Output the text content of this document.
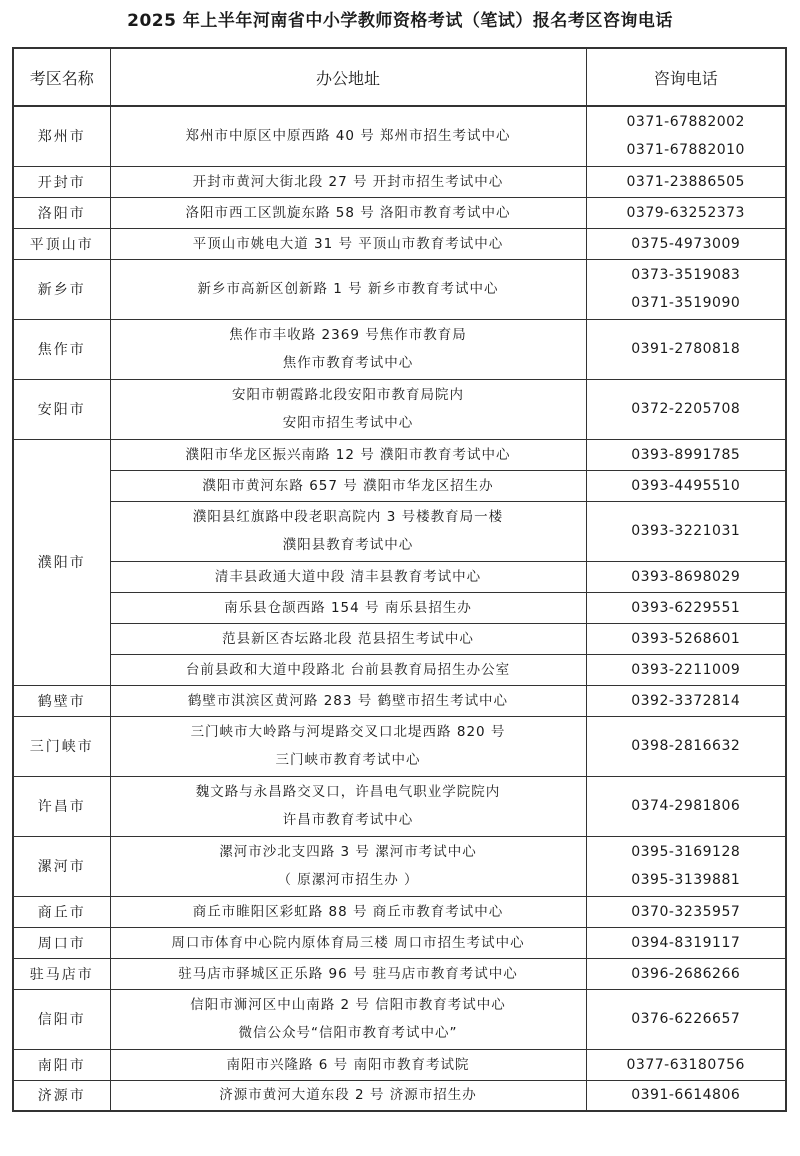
2025 年上半年河南省中小学教师资格考试（笔试）报名考区咨询电话
考区名称	办公地址	咨询电话
郑州市	郑州市中原区中原西路 40 号 郑州市招生考试中心	0371-67882002
0371-67882010

开封市	开封市黄河大街北段 27 号 开封市招生考试中心	0371-23886505

洛阳市	洛阳市西工区凯旋东路 58 号 洛阳市教育考试中心	0379-63252373

平顶山市	平顶山市姚电大道 31 号 平顶山市教育考试中心	0375-4973009

新乡市	新乡市高新区创新路 1 号 新乡市教育考试中心	0373-3519083
0371-3519090

焦作市	焦作市丰收路 2369 号焦作市教育局
焦作市教育考试中心	0391-2780818

安阳市	安阳市朝霞路北段安阳市教育局院内
安阳市招生考试中心	0372-2205708

濮阳市	濮阳市华龙区振兴南路 12 号 濮阳市教育考试中心	0393-8991785

	濮阳市黄河东路 657 号 濮阳市华龙区招生办	0393-4495510

	濮阳县红旗路中段老职高院内 3 号楼教育局一楼
濮阳县教育考试中心	0393-3221031

	清丰县政通大道中段 清丰县教育考试中心	0393-8698029

	南乐县仓颉西路 154 号 南乐县招生办	0393-6229551

	范县新区杏坛路北段 范县招生考试中心	0393-5268601

	台前县政和大道中段路北 台前县教育局招生办公室	0393-2211009

鹤壁市	鹤壁市淇滨区黄河路 283 号 鹤壁市招生考试中心	0392-3372814

三门峡市	三门峡市大岭路与河堤路交叉口北堤西路 820 号
三门峡市教育考试中心	0398-2816632

许昌市	魏文路与永昌路交叉口，许昌电气职业学院院内
许昌市教育考试中心	0374-2981806

漯河市	漯河市沙北支四路 3 号 漯河市考试中心
（ 原漯河市招生办 ）	0395-3169128
0395-3139881

商丘市	商丘市睢阳区彩虹路 88 号 商丘市教育考试中心	0370-3235957

周口市	周口市体育中心院内原体育局三楼 周口市招生考试中心	0394-8319117

驻马店市	驻马店市驿城区正乐路 96 号 驻马店市教育考试中心	0396-2686266

信阳市	信阳市浉河区中山南路 2 号 信阳市教育考试中心
微信公众号“信阳市教育考试中心”	0376-6226657

南阳市	南阳市兴隆路 6 号 南阳市教育考试院	0377-63180756

济源市	济源市黄河大道东段 2 号 济源市招生办	0391-6614806
